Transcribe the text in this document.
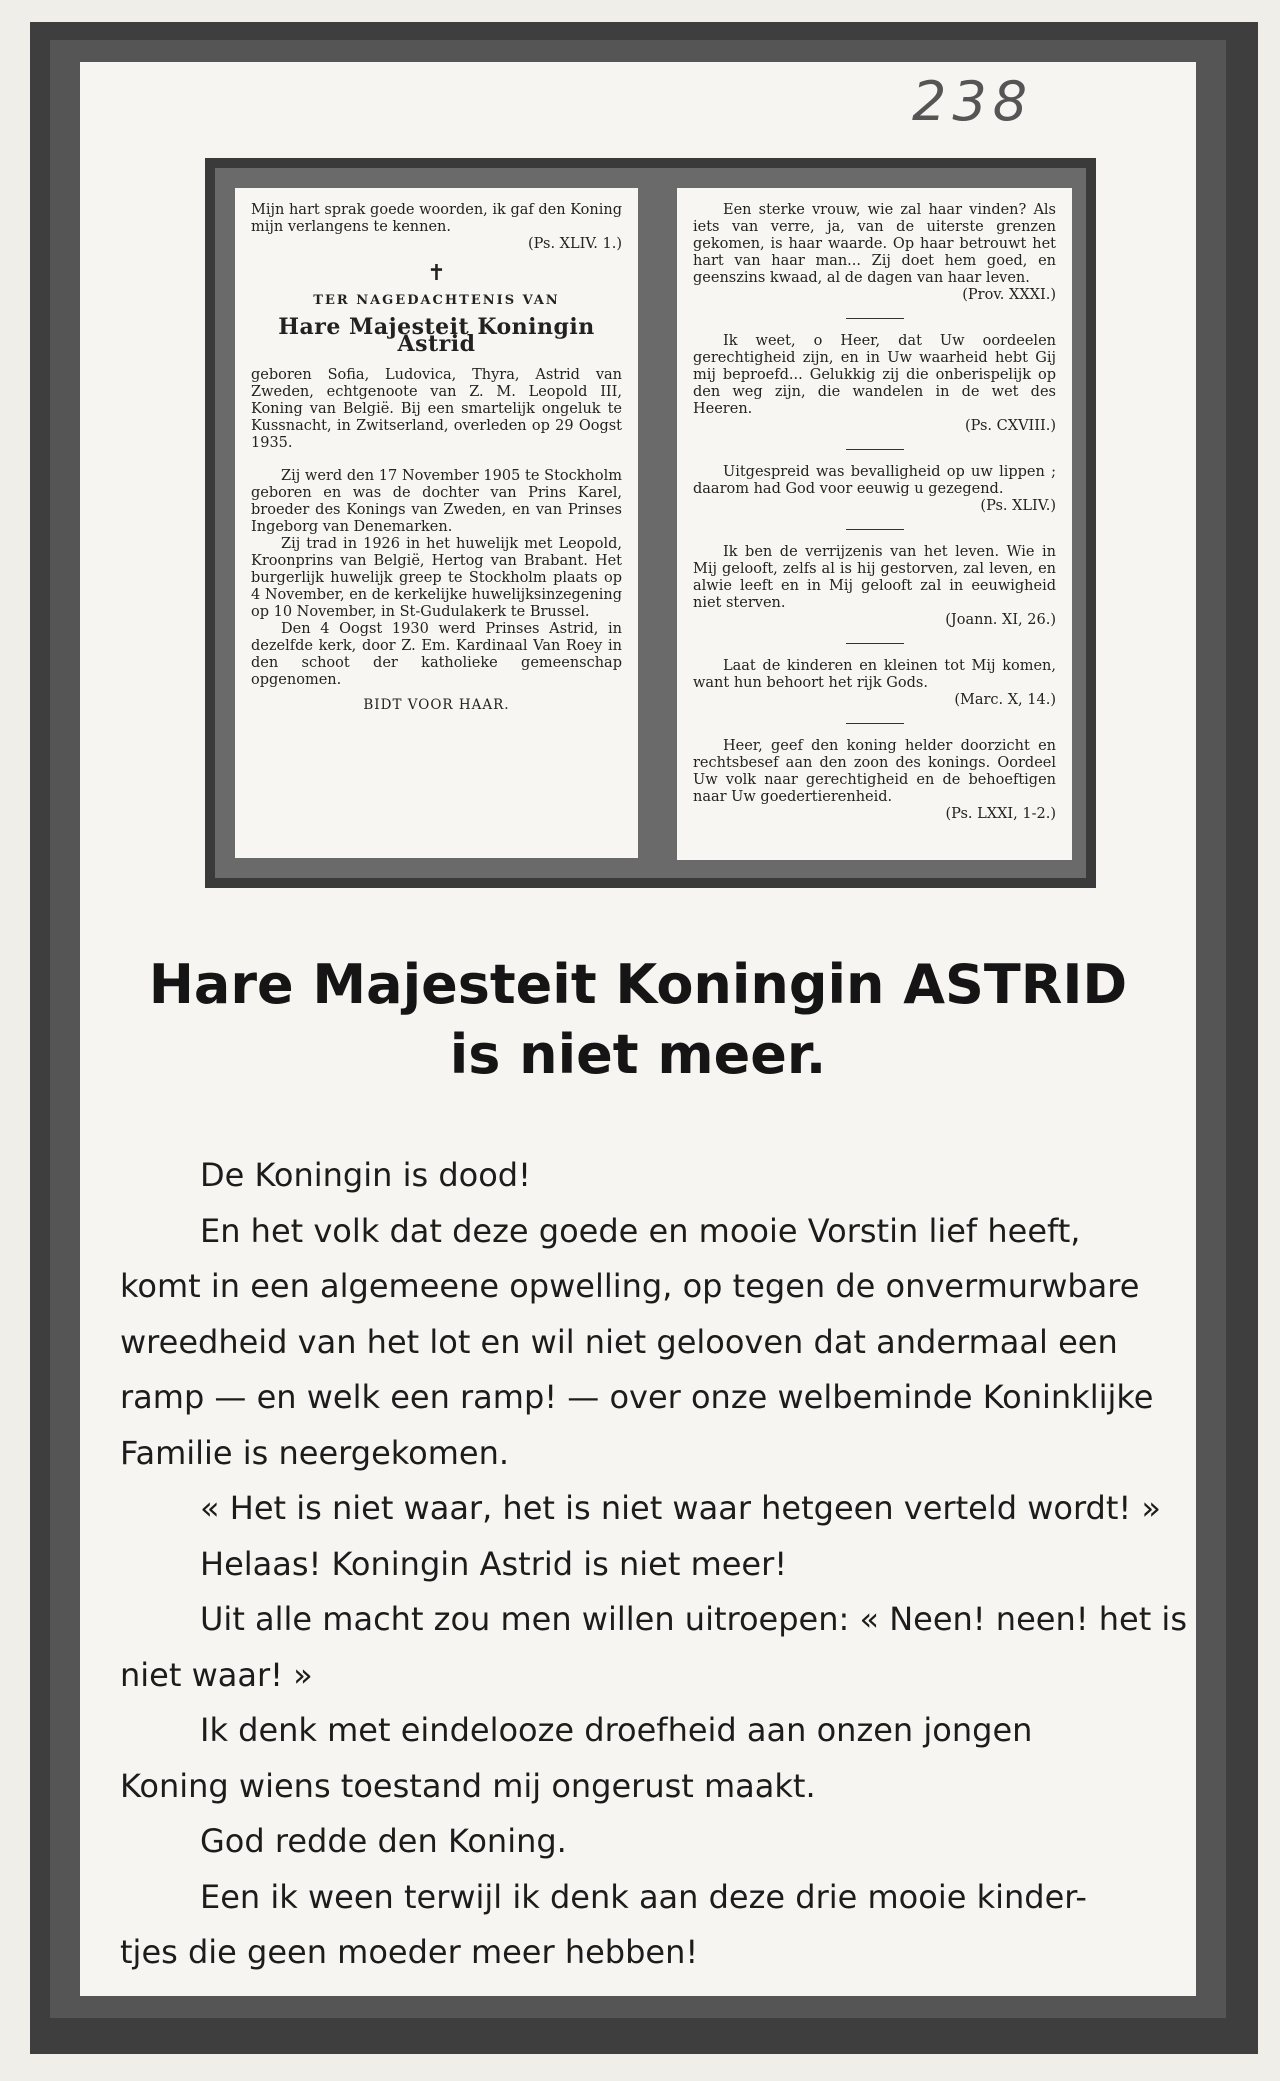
238

Mijn hart sprak goede woorden, ik gaf den Koning mijn verlangens te kennen.

(Ps. XLIV. 1.)

✝
TER NAGEDACHTENIS VAN
Hare Majesteit Koningin Astrid

geboren Sofia, Ludovica, Thyra, Astrid van Zweden, echtgenoote van Z. M. Leopold III, Koning van België. Bij een smartelijk ongeluk te Kussnacht, in Zwitserland, overleden op 29 Oogst 1935.

Zij werd den 17 November 1905 te Stockholm geboren en was de dochter van Prins Karel, broeder des Konings van Zweden, en van Prinses Ingeborg van Denemarken.

Zij trad in 1926 in het huwelijk met Leopold, Kroonprins van België, Hertog van Brabant. Het burgerlijk huwelijk greep te Stockholm plaats op 4 November, en de kerkelijke huwelijksinzegening op 10 November, in St-Gudulakerk te Brussel.

Den 4 Oogst 1930 werd Prinses Astrid, in dezelfde kerk, door Z. Em. Kardinaal Van Roey in den schoot der katholieke gemeenschap opgenomen.

BIDT VOOR HAAR.

Een sterke vrouw, wie zal haar vinden? Als iets van verre, ja, van de uiterste grenzen gekomen, is haar waarde. Op haar betrouwt het hart van haar man... Zij doet hem goed, en geenszins kwaad, al de dagen van haar leven.

(Prov. XXXI.)

Ik weet, o Heer, dat Uw oordeelen gerechtigheid zijn, en in Uw waarheid hebt Gij mij beproefd... Gelukkig zij die onberispelijk op den weg zijn, die wandelen in de wet des Heeren.

(Ps. CXVIII.)

Uitgespreid was bevalligheid op uw lippen ; daarom had God voor eeuwig u gezegend.

(Ps. XLIV.)

Ik ben de verrijzenis van het leven. Wie in Mij gelooft, zelfs al is hij gestorven, zal leven, en alwie leeft en in Mij gelooft zal in eeuwigheid niet sterven.

(Joann. XI, 26.)

Laat de kinderen en kleinen tot Mij komen, want hun behoort het rijk Gods.

(Marc. X, 14.)

Heer, geef den koning helder doorzicht en rechtsbesef aan den zoon des konings. Oordeel Uw volk naar gerechtigheid en de behoeftigen naar Uw goedertierenheid.

(Ps. LXXI, 1-2.)

Hare Majesteit Koningin ASTRID
is niet meer.
De Koningin is dood!
En het volk dat deze goede en mooie Vorstin lief heeft,
komt in een algemeene opwelling, op tegen de onvermurwbare
wreedheid van het lot en wil niet gelooven dat andermaal een
ramp — en welk een ramp! — over onze welbeminde Koninklijke
Familie is neergekomen.
« Het is niet waar, het is niet waar hetgeen verteld wordt! »
Helaas! Koningin Astrid is niet meer!
Uit alle macht zou men willen uitroepen: « Neen! neen! het is
niet waar! »
Ik denk met eindelooze droefheid aan onzen jongen
Koning wiens toestand mij ongerust maakt.
God redde den Koning.
Een ik ween terwijl ik denk aan deze drie mooie kinder-
tjes die geen moeder meer hebben!
